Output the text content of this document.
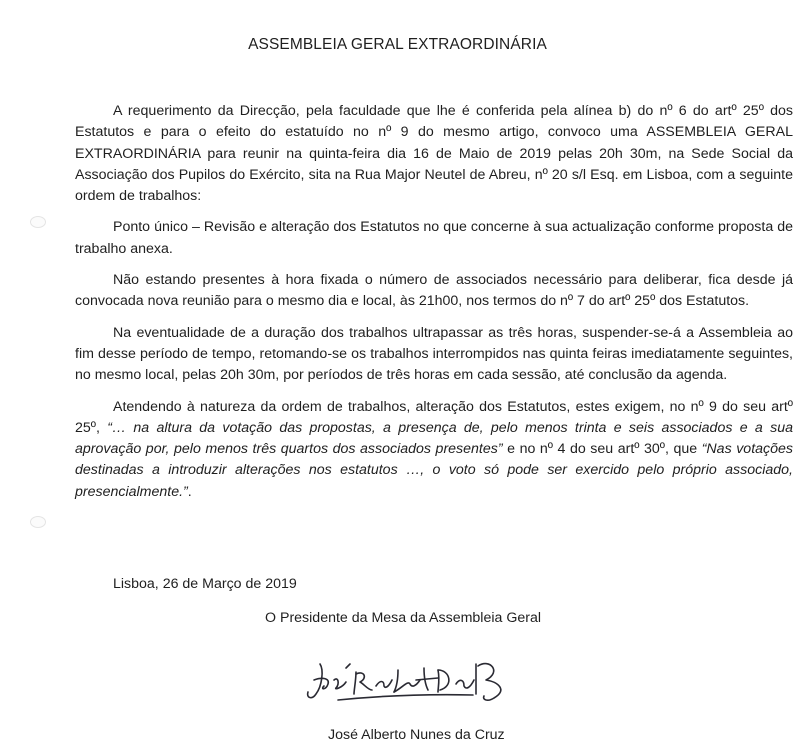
ASSEMBLEIA GERAL EXTRAORDINÁRIA

A requerimento da Direcção, pela faculdade que lhe é conferida pela alínea b) do nº 6 do artº 25º dos Estatutos e para o efeito do estatuído no nº 9 do mesmo artigo, convoco uma ASSEMBLEIA GERAL EXTRAORDINÁRIA para reunir na quinta-feira dia 16 de Maio de 2019 pelas 20h 30m, na Sede Social da Associação dos Pupilos do Exército, sita na Rua Major Neutel de Abreu, nº 20 s/l Esq. em Lisboa, com a seguinte ordem de trabalhos:

Ponto único – Revisão e alteração dos Estatutos no que concerne à sua actualização conforme proposta de trabalho anexa.

Não estando presentes à hora fixada o número de associados necessário para deliberar, fica desde já convocada nova reunião para o mesmo dia e local, às 21h00, nos termos do nº 7 do artº 25º dos Estatutos.

Na eventualidade de a duração dos trabalhos ultrapassar as três horas, suspender-se-á a Assembleia ao fim desse período de tempo, retomando-se os trabalhos interrompidos nas quinta feiras imediatamente seguintes, no mesmo local, pelas 20h 30m, por períodos de três horas em cada sessão, até conclusão da agenda.

Atendendo à natureza da ordem de trabalhos, alteração dos Estatutos, estes exigem, no nº 9 do seu artº 25º, “… na altura da votação das propostas, a presença de, pelo menos trinta e seis associados e a sua aprovação por, pelo menos três quartos dos associados presentes” e no nº 4 do seu artº 30º, que “Nas votações destinadas a introduzir alterações nos estatutos …, o voto só pode ser exercido pelo próprio associado, presencialmente.”.

Lisboa, 26 de Março de 2019
O Presidente da Mesa da Assembleia Geral
José Ricardo
José Alberto Nunes da Cruz
